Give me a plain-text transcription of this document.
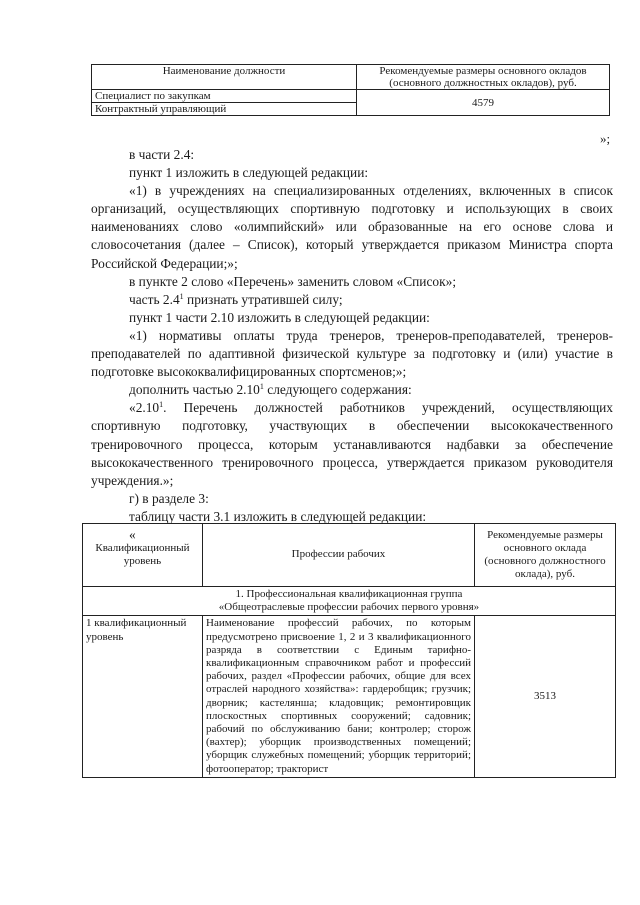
Наименование должности	Рекомендуемые размеры основного окладов (основного должностных окладов), руб.
Специалист по закупкам	4579
Контрактный управляющий	
»;

в части 2.4:

пункт 1 изложить в следующей редакции:

«1) в учреждениях на специализированных отделениях, включенных в список организаций, осуществляющих спортивную подготовку и использующих в своих наименованиях слово «олимпийский» или образованные на его основе слова и словосочетания (далее – Список), который утверждается приказом Министра спорта Российской Федерации;»;

в пункте 2 слово «Перечень» заменить словом «Список»;

часть $2.4^1$ признать утратившей силу;

пункт 1 части 2.10 изложить в следующей редакции:

«1) нормативы оплаты труда тренеров, тренеров-преподавателей, тренеров-преподавателей по адаптивной физической культуре за подготовку и (или) участие в подготовке высококвалифицированных спортсменов;»;

дополнить частью 2.10$^1$ следующего содержания:

«2.10$^1$. Перечень должностей работников учреждений, осуществляющих спортивную подготовку, участвующих в обеспечении высококачественного тренировочного процесса, которым устанавливаются надбавки за обеспечение высококачественного тренировочного процесса, утверждается приказом руководителя учреждения.»;

г) в разделе 3:

таблицу части 3.1 изложить в следующей редакции:

«

Квалификационный уровень	Профессии рабочих	Рекомендуемые размеры основного оклада (основного должностного оклада), руб.

1. Профессиональная квалификационная группа
«Общеотраслевые профессии рабочих первого уровня»		

1 квалификационный уровень	Наименование профессий рабочих, по которым предусмотрено присвоение 1, 2 и 3 квалификационного разряда в соответствии с Единым тарифно-квалификационным справочником работ и профессий рабочих, раздел «Профессии рабочих, общие для всех отраслей народного хозяйства»: гардеробщик; грузчик; дворник; кастелянша; кладовщик; ремонтировщик плоскостных спортивных сооружений; садовник; рабочий по обслуживанию бани; контролер; сторож (вахтер); уборщик производственных помещений; уборщик служебных помещений; уборщик территорий; фотооператор; тракторист	3513
